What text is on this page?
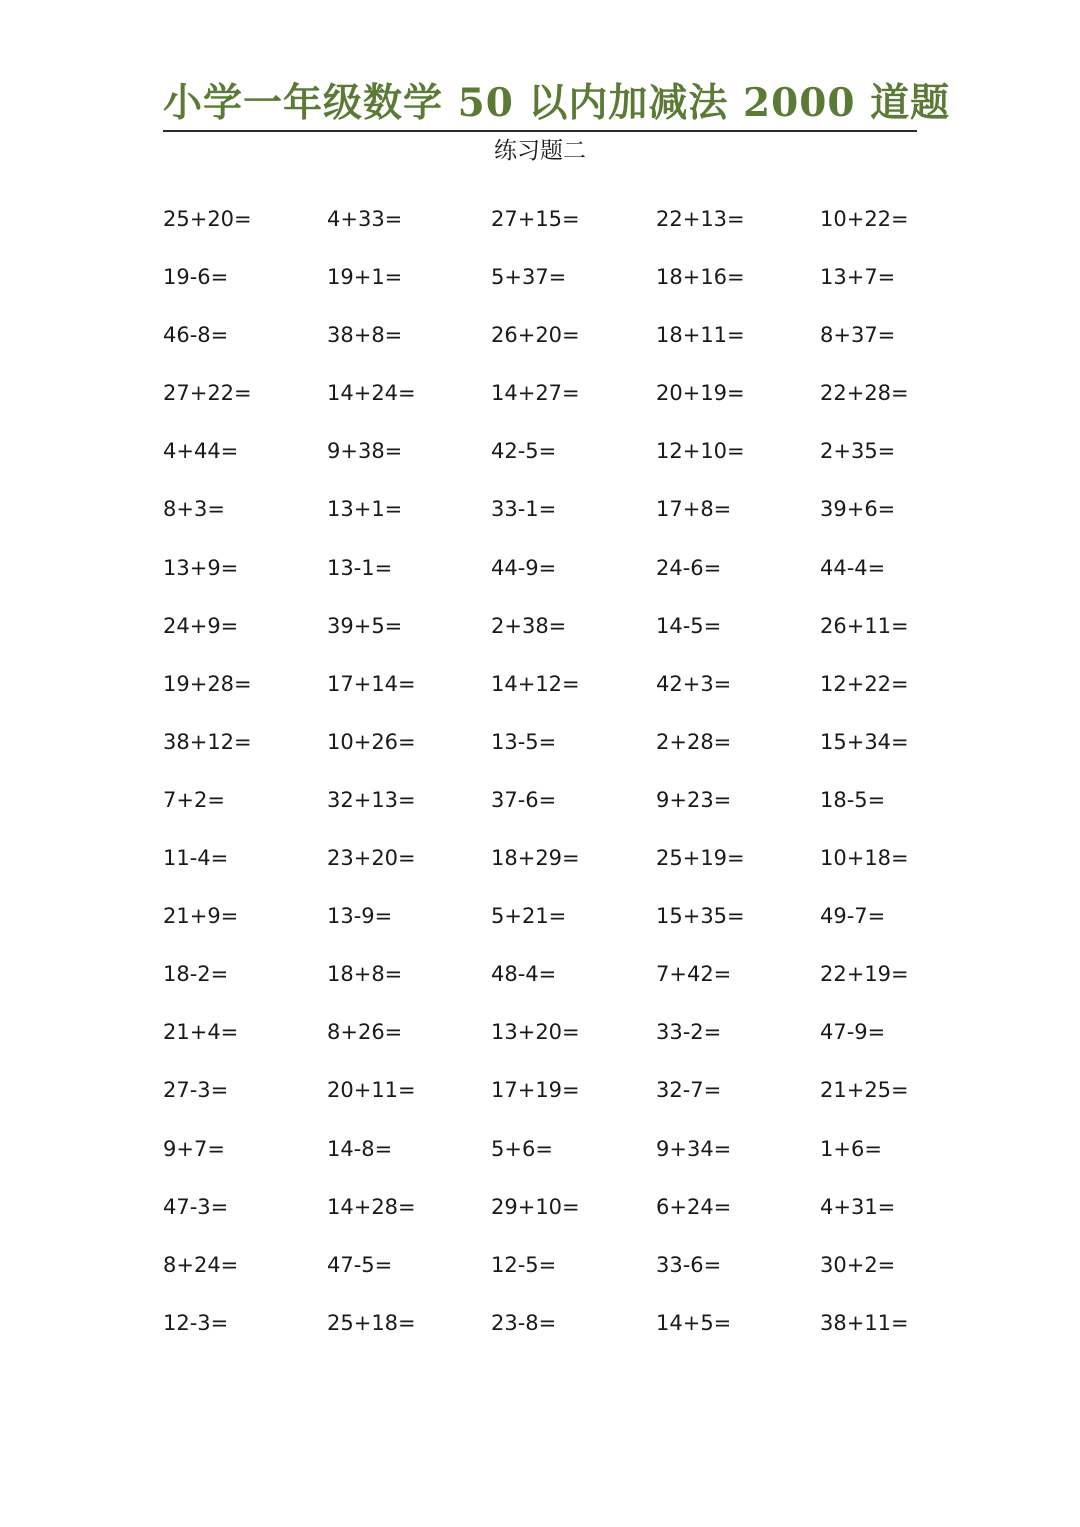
小学一年级数学 50 以内加减法 2000 道题
练习题二
25+20=	4+33=	27+15=	22+13=	10+22=
19-6=	19+1=	5+37=	18+16=	13+7=
46-8=	38+8=	26+20=	18+11=	8+37=
27+22=	14+24=	14+27=	20+19=	22+28=
4+44=	9+38=	42-5=	12+10=	2+35=
8+3=	13+1=	33-1=	17+8=	39+6=
13+9=	13-1=	44-9=	24-6=	44-4=
24+9=	39+5=	2+38=	14-5=	26+11=
19+28=	17+14=	14+12=	42+3=	12+22=
38+12=	10+26=	13-5=	2+28=	15+34=
7+2=	32+13=	37-6=	9+23=	18-5=
11-4=	23+20=	18+29=	25+19=	10+18=
21+9=	13-9=	5+21=	15+35=	49-7=
18-2=	18+8=	48-4=	7+42=	22+19=
21+4=	8+26=	13+20=	33-2=	47-9=
27-3=	20+11=	17+19=	32-7=	21+25=
9+7=	14-8=	5+6=	9+34=	1+6=
47-3=	14+28=	29+10=	6+24=	4+31=
8+24=	47-5=	12-5=	33-6=	30+2=
12-3=	25+18=	23-8=	14+5=	38+11=
